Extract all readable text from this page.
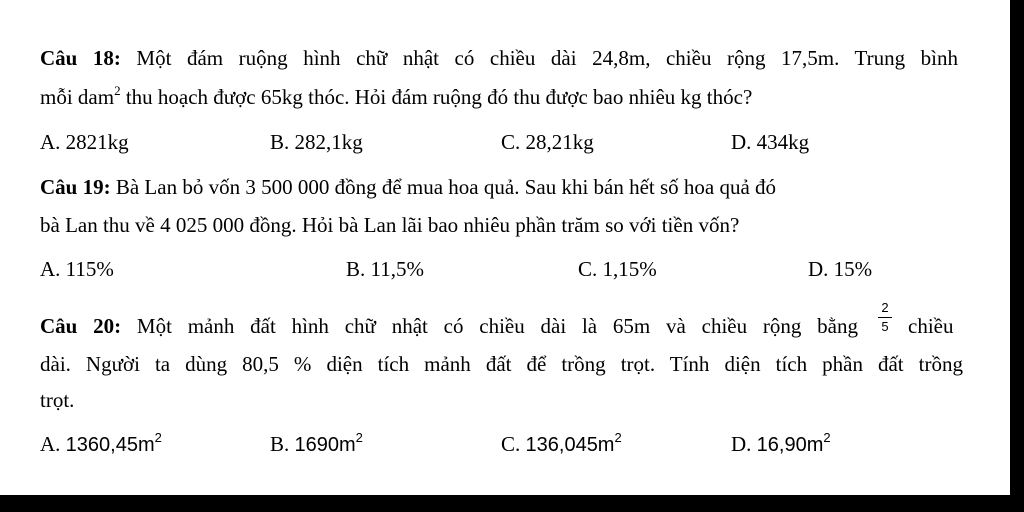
Câu 18: Một đám ruộng hình chữ nhật có chiều dài 24,8m, chiều rộng 17,5m. Trung bình
mỗi dam$^2$ thu hoạch được 65kg thóc. Hỏi đám ruộng đó thu được bao nhiêu kg thóc?
A. 2821kg	B. 282,1kg	C. 28,21kg	D. 434kg
Câu 19: Bà Lan bỏ vốn 3 500 000 đồng để mua hoa quả. Sau khi bán hết số hoa quả đó
bà Lan thu về 4 025 000 đồng. Hỏi bà Lan lãi bao nhiêu phần trăm so với tiền vốn?
A. 115%	B. 11,5%	C. 1,15%	D. 15%
Câu 20: Một mảnh đất hình chữ nhật có chiều dài là 65m và chiều rộng bằng
2
5 chiều
dài. Người ta dùng 80,5 % diện tích mảnh đất để trồng trọt. Tính diện tích phần đất trồng
trọt.
A. $1360,45m^2$	B. $1690m^2$	C. $136,045m^2$	D. $16,90m^2$
